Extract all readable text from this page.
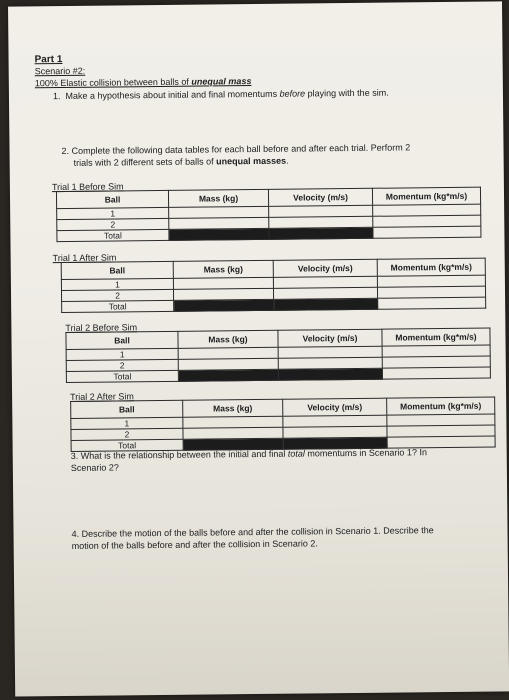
Part 1
Scenario #2:
100% Elastic collision between balls of unequal mass
1. Make a hypothesis about initial and final momentums before playing with the sim.
2. Complete the following data tables for each ball before and after each trial. Perform 2
trials with 2 different sets of balls of unequal masses.
Trial 1 Before Sim
Ball	Mass (kg)	Velocity (m/s)	Momentum (kg*m/s)
1			
2			
Total			
Trial 1 After Sim
Ball	Mass (kg)	Velocity (m/s)	Momentum (kg*m/s)
1			
2			
Total			
Trial 2 Before Sim
Ball	Mass (kg)	Velocity (m/s)	Momentum (kg*m/s)
1			
2			
Total			
Trial 2 After Sim
Ball	Mass (kg)	Velocity (m/s)	Momentum (kg*m/s)
1			
2			
Total			
3. What is the relationship between the initial and final total momentums in Scenario 1? In
Scenario 2?
4. Describe the motion of the balls before and after the collision in Scenario 1. Describe the
motion of the balls before and after the collision in Scenario 2.
